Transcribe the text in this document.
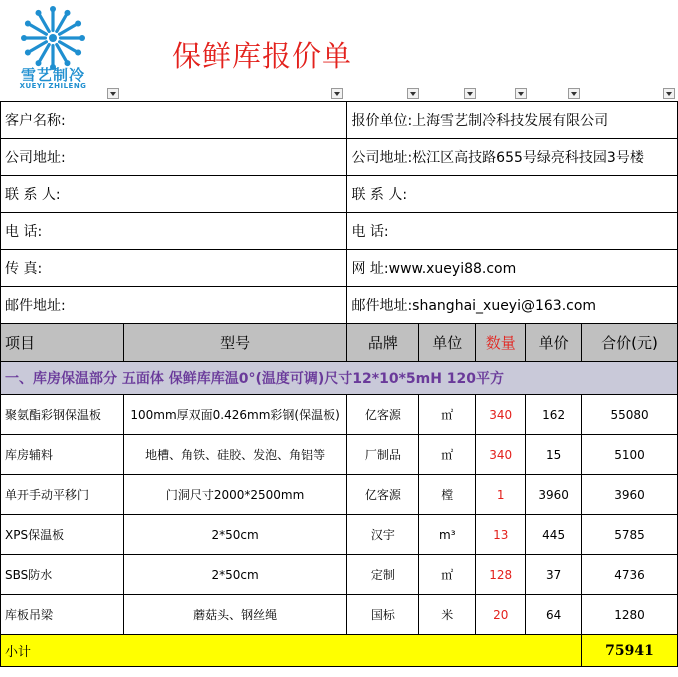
雪艺制冷
XUEYI ZHILENG
保鲜库报价单
客户名称:		报价单位:上海雪艺制冷科技发展有限公司				
公司地址:		公司地址:松江区高技路655号绿亮科技园3号楼				
联 系 人:		联 系 人:				
电 话:		电 话:				
传 真:		网 址:www.xueyi88.com				
邮件地址:		邮件地址:shanghai_xueyi@163.com				
项目	型号	品牌	单位	数量	单价	合价(元)
一、库房保温部分 五面体 保鲜库库温0°(温度可调)尺寸12*10*5mH 120平方						
聚氨酯彩钢保温板	100mm厚双面0.426mm彩钢(保温板)	亿客源	㎡	340	162	55080
库房辅料	地槽、角铁、硅胶、发泡、角铝等	厂制品	㎡	340	15	5100
单开手动平移门	门洞尺寸2000*2500mm	亿客源	樘	1	3960	3960
XPS保温板	2*50cm	汉宇	m³	13	445	5785
SBS防水	2*50cm	定制	㎡	128	37	4736
库板吊梁	蘑菇头、钢丝绳	国标	米	20	64	1280
小计						75941
